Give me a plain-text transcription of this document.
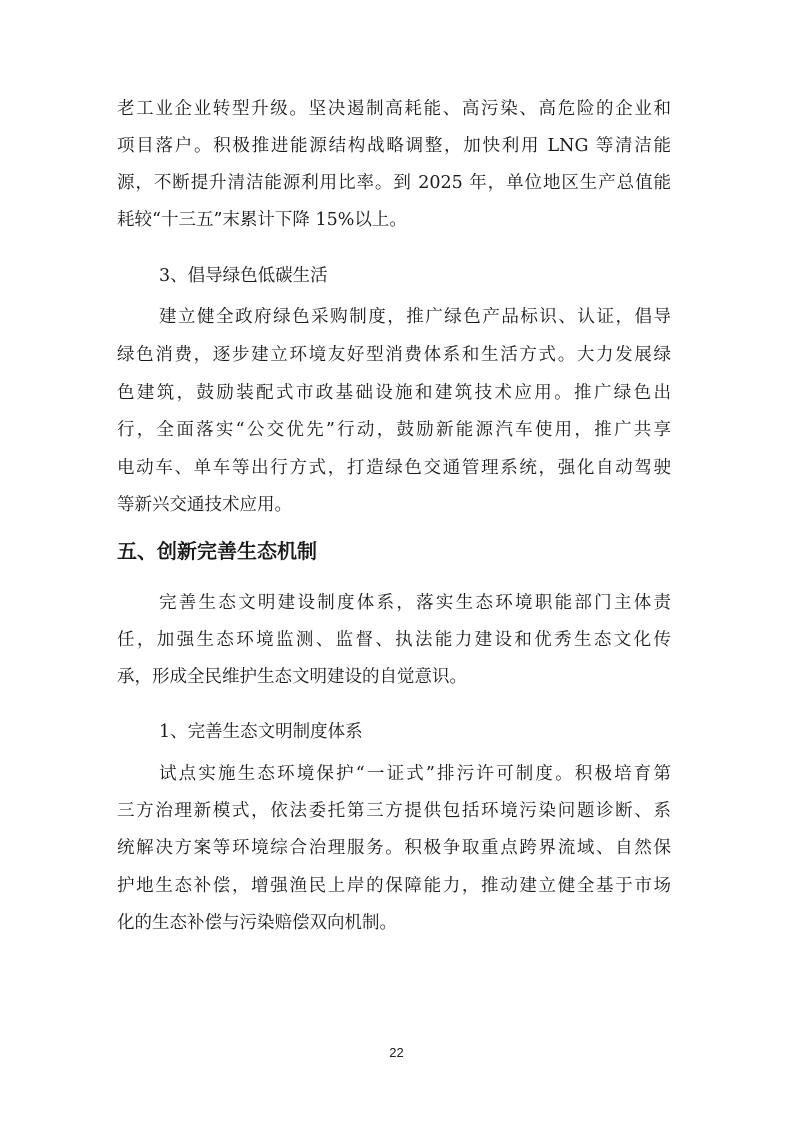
老工业企业转型升级。坚决遏制高耗能、高污染、高危险的企业和
项目落户。积极推进能源结构战略调整，加快利用 LNG 等清洁能
源，不断提升清洁能源利用比率。到 2025 年，单位地区生产总值能
耗较“十三五”末累计下降 15%以上。
3、倡导绿色低碳生活
建立健全政府绿色采购制度，推广绿色产品标识、认证，倡导
绿色消费，逐步建立环境友好型消费体系和生活方式。大力发展绿
色建筑，鼓励装配式市政基础设施和建筑技术应用。推广绿色出
行，全面落实“公交优先”行动，鼓励新能源汽车使用，推广共享
电动车、单车等出行方式，打造绿色交通管理系统，强化自动驾驶
等新兴交通技术应用。
五、创新完善生态机制
完善生态文明建设制度体系，落实生态环境职能部门主体责
任，加强生态环境监测、监督、执法能力建设和优秀生态文化传
承，形成全民维护生态文明建设的自觉意识。
1、完善生态文明制度体系
试点实施生态环境保护“一证式”排污许可制度。积极培育第
三方治理新模式，依法委托第三方提供包括环境污染问题诊断、系
统解决方案等环境综合治理服务。积极争取重点跨界流域、自然保
护地生态补偿，增强渔民上岸的保障能力，推动建立健全基于市场
化的生态补偿与污染赔偿双向机制。
22
